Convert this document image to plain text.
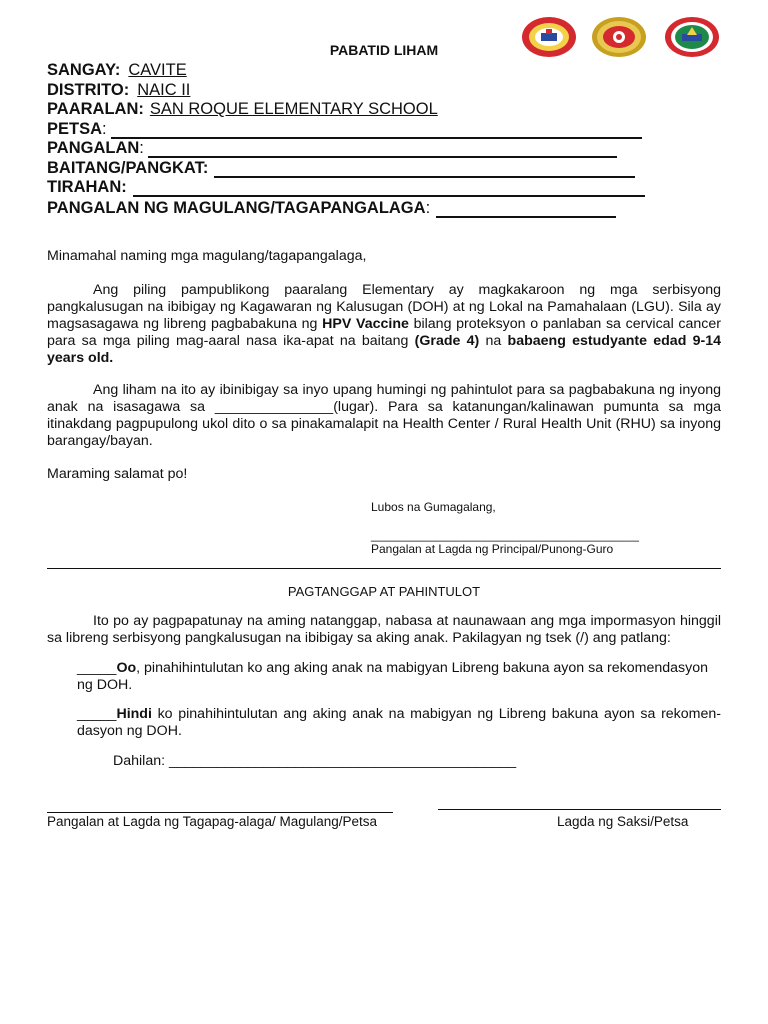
PABATID LIHAM
SANGAY: CAVITE
DISTRITO: NAIC II
PAARALAN: SAN ROQUE ELEMENTARY SCHOOL
PETSA :
PANGALAN :
BAITANG/PANGKAT:
TIRAHAN:
PANGALAN NG MAGULANG/TAGAPANGALAGA :
Minamahal naming mga magulang/tagapangalaga,
Ang piling pampublikong paaralang Elementary ay magkakaroon ng mga serbisyong pangkalusugan na ibibigay ng Kagawaran ng Kalusugan (DOH) at ng Lokal na Pamahalaan (LGU). Sila ay magsasagawa ng libreng pagbabakuna ng HPV Vaccine bilang proteksyon o panlaban sa cervical cancer para sa mga piling mag-aaral nasa ika-apat na baitang (Grade 4) na babaeng estudyante edad 9-14 years old.
Ang liham na ito ay ibinibigay sa inyo upang humingi ng pahintulot para sa pagbabakuna ng inyong anak na isasagawa sa _______________(lugar). Para sa katanungan/kalinawan pumunta sa mga itinakdang pagpupulong ukol dito o sa pinakamalapit na Health Center / Rural Health Unit (RHU) sa inyong barangay/bayan.
Maraming salamat po!
Lubos na Gumagalang,
_______________________________________
Pangalan at Lagda ng Principal/Punong-Guro
PAGTANGGAP AT PAHINTULOT
Ito po ay pagpapatunay na aming natanggap, nabasa at naunawaan ang mga impormasyon hinggil sa libreng serbisyong pangkalusugan na ibibigay sa aking anak. Pakilagyan ng tsek (/) ang patlang:
_____Oo, pinahihintulutan ko ang aking anak na mabigyan Libreng bakuna ayon sa rekomendasyon ng DOH.
_____Hindi ko pinahihintulutan ang aking anak na mabigyan ng Libreng bakuna ayon sa rekomen-dasyon ng DOH.
Dahilan: ____________________________________________
Pangalan at Lagda ng Tagapag-alaga/ Magulang/Petsa	Lagda ng Saksi/Petsa
